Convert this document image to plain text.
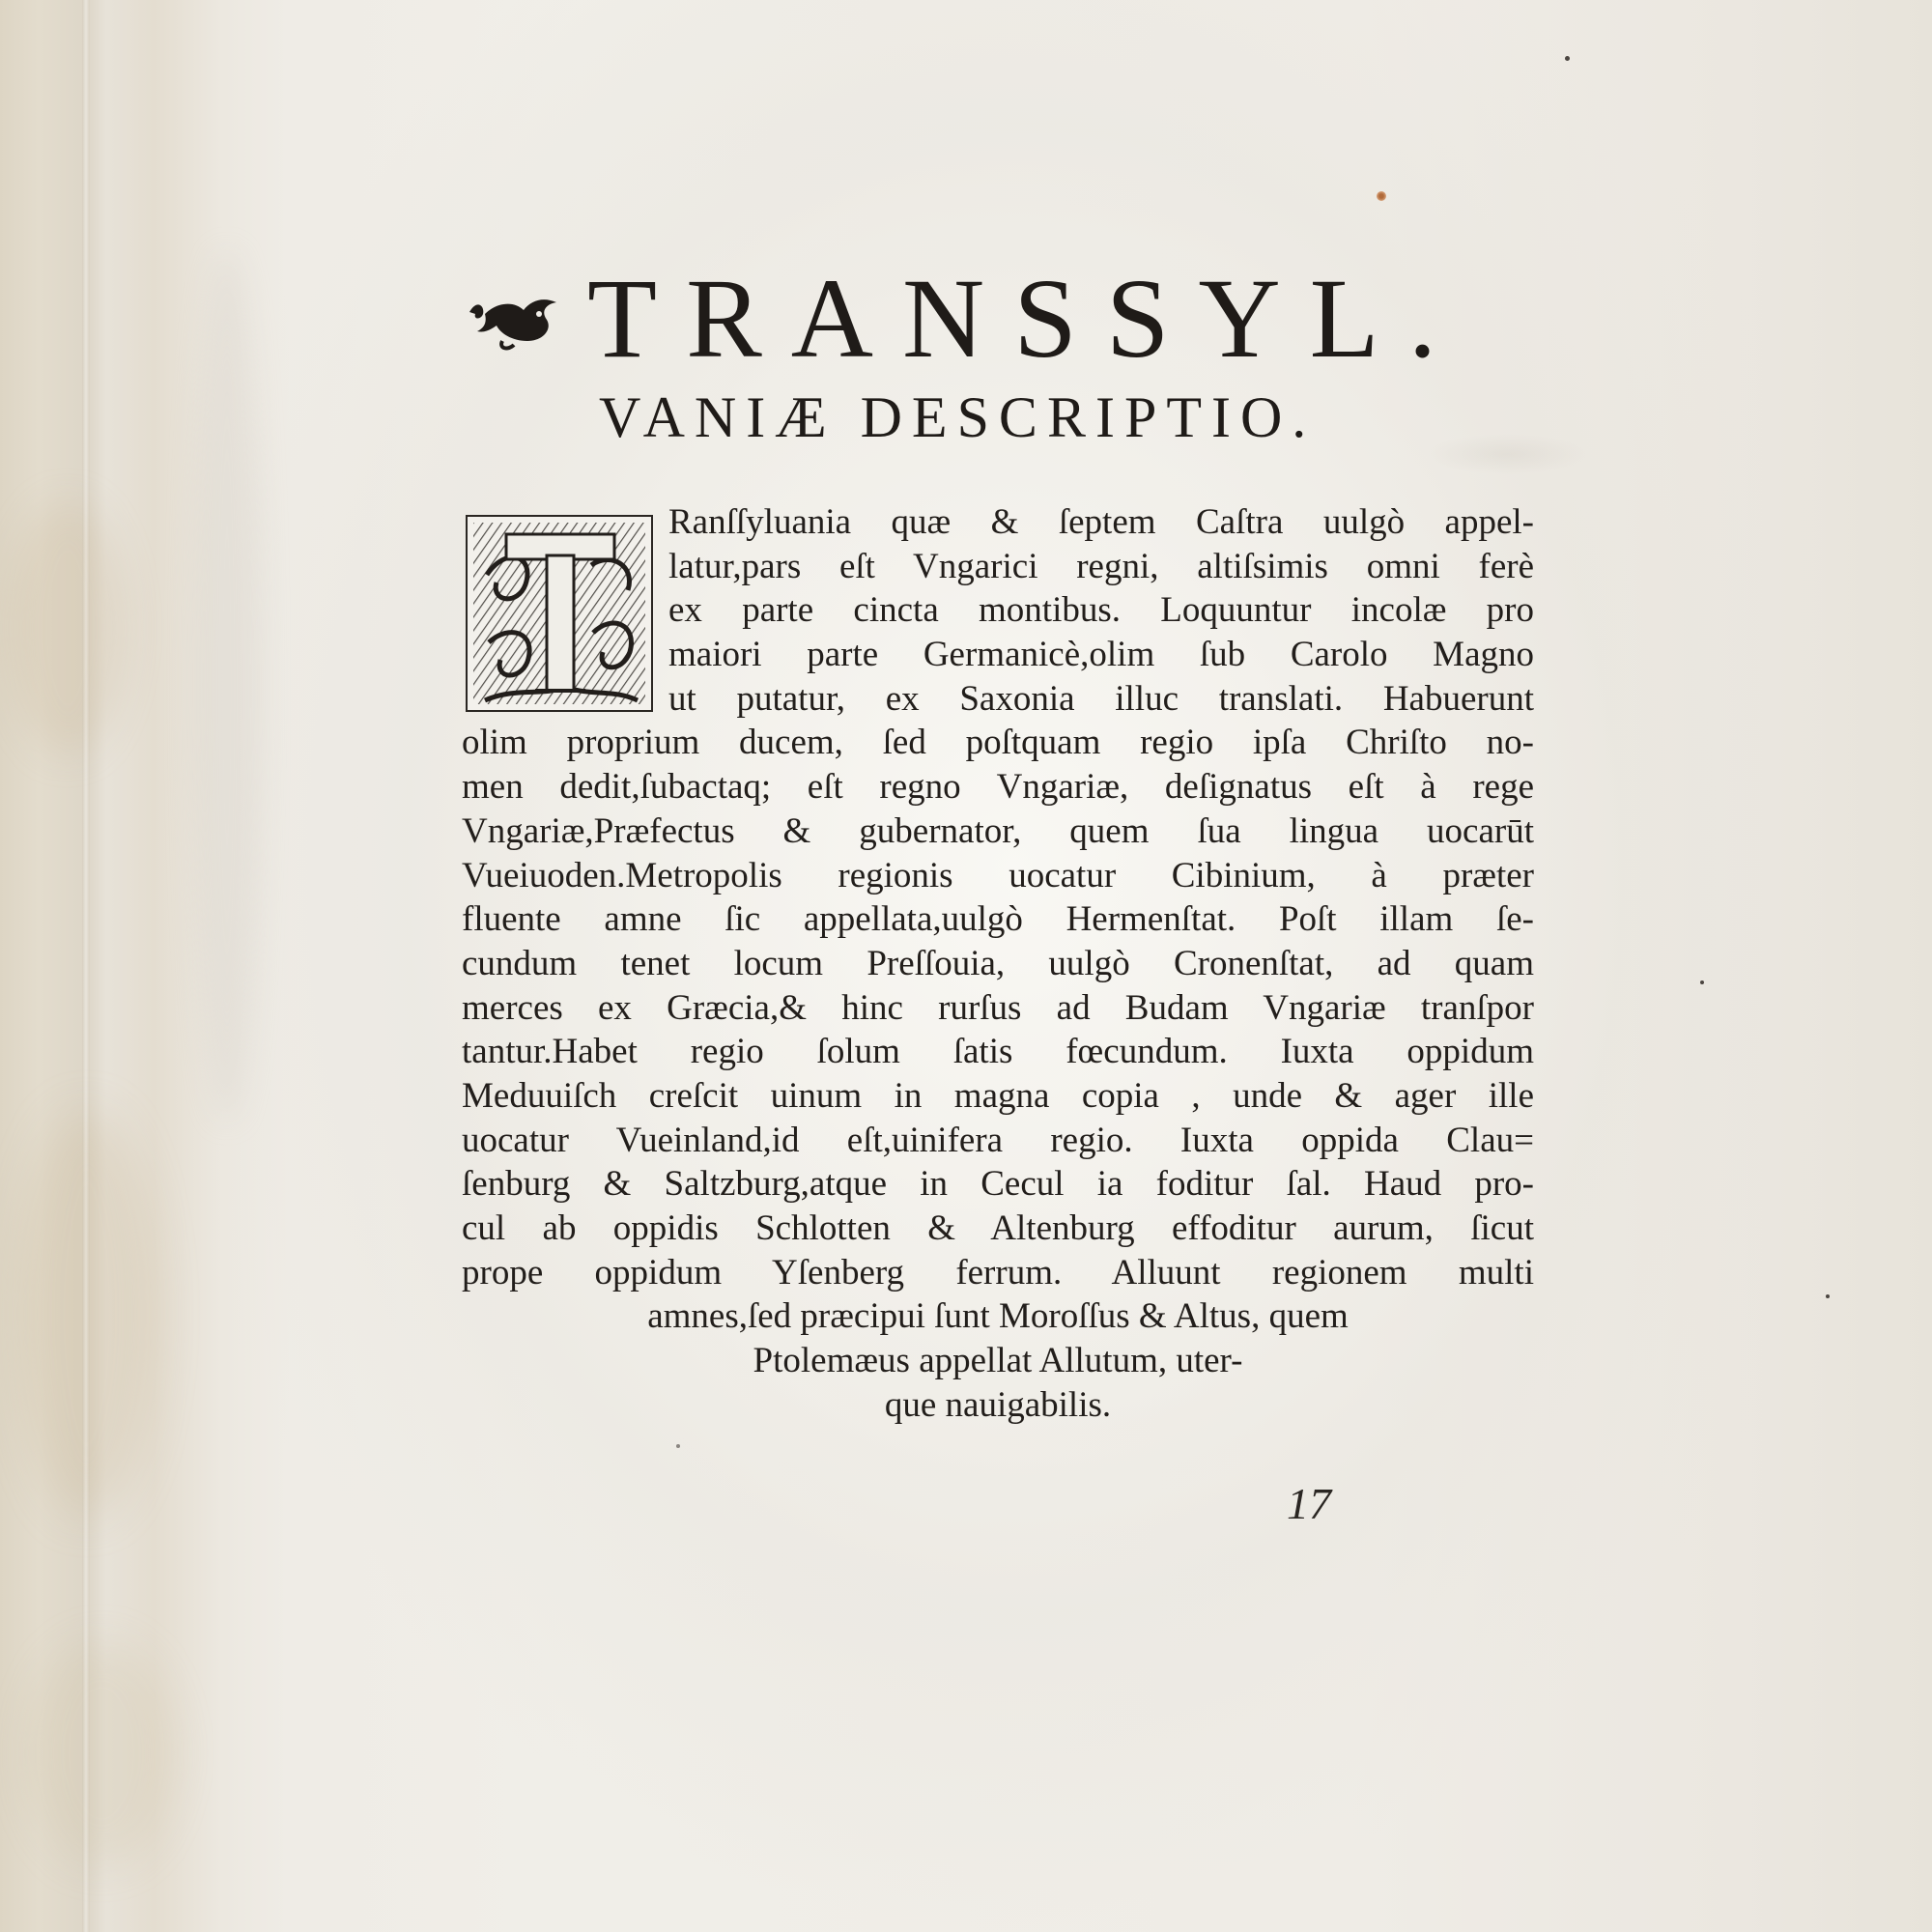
TRANSSYL.
VANIÆ DESCRIPTIO.
Ranſſyluania quæ & ſeptem Caſtra uulgò appel-
latur,pars eſt Vngarici regni, altiſsimis omni ferè
ex parte cincta montibus. Loquuntur incolæ pro
maiori parte Germanicè,olim ſub Carolo Magno
ut putatur, ex Saxonia illuc translati. Habuerunt
olim proprium ducem, ſed poſtquam regio ipſa Chriſto no-
men dedit,ſubactaq; eſt regno Vngariæ, deſignatus eſt à rege
Vngariæ,Præfectus & gubernator, quem ſua lingua uocarūt
Vueiuoden.Metropolis regionis uocatur Cibinium, à præter
fluente amne ſic appellata,uulgò Hermenſtat. Poſt illam ſe-
cundum tenet locum Preſſouia, uulgò Cronenſtat, ad quam
merces ex Græcia,& hinc rurſus ad Budam Vngariæ tranſpor
tantur.Habet regio ſolum ſatis fœcundum. Iuxta oppidum
Meduuiſch creſcit uinum in magna copia , unde & ager ille
uocatur Vueinland,id eſt,uinifera regio. Iuxta oppida Clau=
ſenburg & Saltzburg,atque in Cecul ia foditur ſal. Haud pro-
cul ab oppidis Schlotten & Altenburg effoditur aurum, ſicut
prope oppidum Yſenberg ferrum. Alluunt regionem multi
amnes,ſed præcipui ſunt Moroſſus & Altus, quem
Ptolemæus appellat Allutum, uter-
que nauigabilis.
17
